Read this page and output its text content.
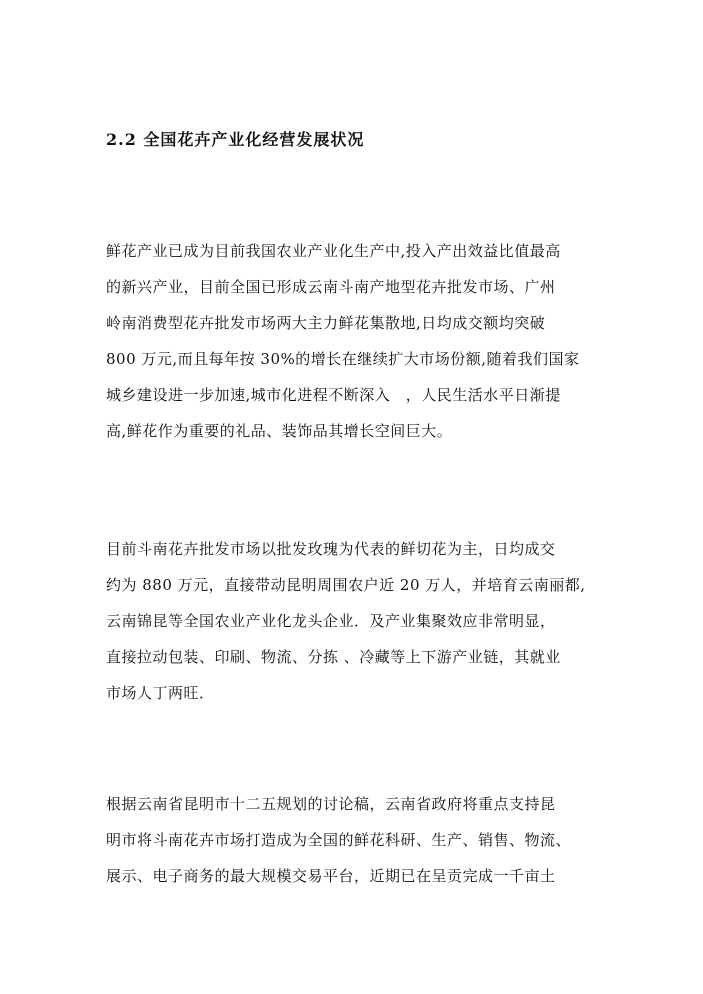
2.2 全国花卉产业化经营发展状况

鲜花产业已成为目前我国农业产业化生产中,投入产出效益比值最高
的新兴产业，目前全国已形成云南斗南产地型花卉批发市场、广州
岭南消费型花卉批发市场两大主力鲜花集散地,日均成交额均突破
800 万元,而且每年按 30%的增长在继续扩大市场份额,随着我们国家
城乡建设进一步加速,城市化进程不断深入　，人民生活水平日渐提
高,鲜花作为重要的礼品、装饰品其增长空间巨大。

目前斗南花卉批发市场以批发玫瑰为代表的鲜切花为主，日均成交
约为 880 万元，直接带动昆明周围农户近 20 万人，并培育云南丽都,
云南锦昆等全国农业产业化龙头企业．及产业集聚效应非常明显，
直接拉动包装、印刷、物流、分拣 、冷藏等上下游产业链，其就业
市场人丁两旺．

根据云南省昆明市十二五规划的讨论稿，云南省政府将重点支持昆
明市将斗南花卉市场打造成为全国的鲜花科研、生产、销售、物流、
展示、电子商务的最大规模交易平台，近期已在呈贡完成一千亩土
